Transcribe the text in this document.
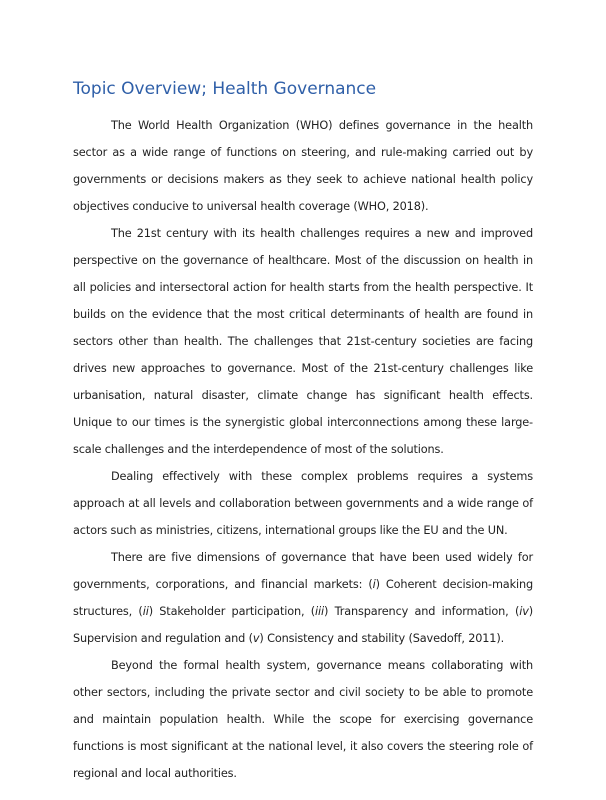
Topic Overview; Health Governance

The World Health Organization (WHO) defines governance in the health sector as a wide range of functions on steering, and rule-making carried out by governments or decisions makers as they seek to achieve national health policy objectives conducive to universal health coverage (WHO, 2018).

The 21st century with its health challenges requires a new and improved perspective on the governance of healthcare. Most of the discussion on health in all policies and intersectoral action for health starts from the health perspective. It builds on the evidence that the most critical determinants of health are found in sectors other than health. The challenges that 21st-century societies are facing drives new approaches to governance. Most of the 21st-century challenges like urbanisation, natural disaster, climate change has significant health effects. Unique to our times is the synergistic global interconnections among these large-scale challenges and the interdependence of most of the solutions.

Dealing effectively with these complex problems requires a systems approach at all levels and collaboration between governments and a wide range of actors such as ministries, citizens, international groups like the EU and the UN.

There are five dimensions of governance that have been used widely for governments, corporations, and financial markets: (i) Coherent decision-making structures, (ii) Stakeholder participation, (iii) Transparency and information, (iv) Supervision and regulation and (v) Consistency and stability (Savedoff, 2011).

Beyond the formal health system, governance means collaborating with other sectors, including the private sector and civil society to be able to promote and maintain population health. While the scope for exercising governance functions is most significant at the national level, it also covers the steering role of regional and local authorities.
